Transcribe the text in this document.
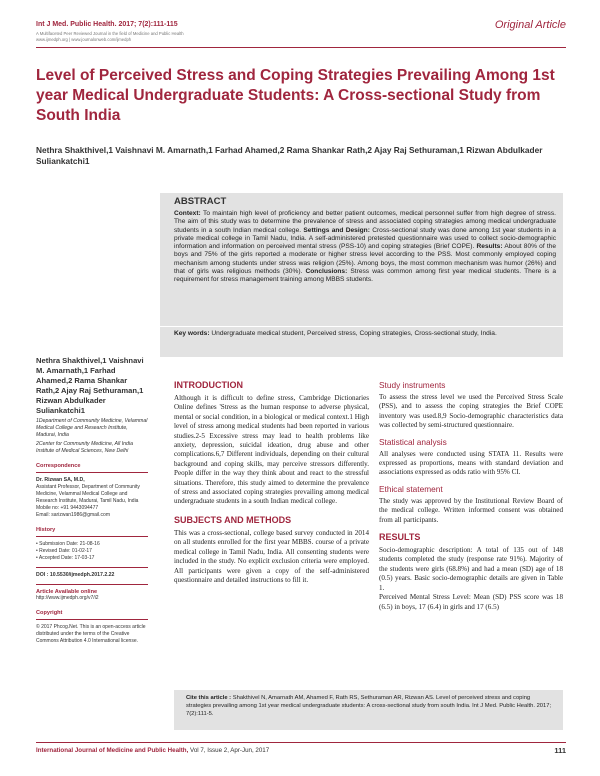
Int J Med. Public Health. 2017; 7(2):111-115
A Multifaceted Peer Reviewed Journal in the field of Medicine and Public Health
www.ijmedph.org | www.journalonweb.com/ijmedph
Original Article
Level of Perceived Stress and Coping Strategies Prevailing Among 1st year Medical Undergraduate Students: A Cross-sectional Study from South India
Nethra Shakthivel,1 Vaishnavi M. Amarnath,1 Farhad Ahamed,2 Rama Shankar Rath,2 Ajay Raj Sethuraman,1 Rizwan Abdulkader Suliankatchi1
ABSTRACT
Context: To maintain high level of proficiency and better patient outcomes, medical personnel suffer from high degree of stress. The aim of this study was to determine the prevalence of stress and associated coping strategies among medical undergraduate students in a south Indian medical college. Settings and Design: Cross-sectional study was done among 1st year students in a private medical college in Tamil Nadu, India. A self-administered pretested questionnaire was used to collect socio-demographic information and information on perceived mental stress (PSS-10) and coping strategies (Brief COPE). Results: About 80% of the boys and 75% of the girls reported a moderate or higher stress level according to the PSS. Most commonly employed coping mechanism among students under stress was religion (25%). Among boys, the most common mechanism was humor (26%) and that of girls was religious methods (30%). Conclusions: Stress was common among first year medical students. There is a requirement for stress management training among MBBS students.
Key words: Undergraduate medical student, Perceived stress, Coping strategies, Cross-sectional study, India.
Nethra Shakthivel,1 Vaishnavi M. Amarnath,1 Farhad Ahamed,2 Rama Shankar Rath,2 Ajay Raj Sethuraman,1 Rizwan Abdulkader Suliankatchi1
1Department of Community Medicine, Velammal Medical College and Research Institute, Madurai, India
2Center for Community Medicine, All India Institute of Medical Sciences, New Delhi
Correspondence
Dr. Rizwan SA, M.D,
Assistant Professor, Department of Community Medicine, Velammal Medical College and Research Institute, Madurai, Tamil Nadu, India
Mobile no: +91 9443094477
Email: sarizwan1986@gmail.com
History
• Submission Date: 21-08-16
• Revised Date: 01-02-17
• Accepted Date: 17-03-17
DOI : 10.5530/ijmedph.2017.2.22
Article Available online
http://www.ijmedph.org/v7/i2
Copyright
© 2017 Phcog.Net. This is an open-access article distributed under the terms of the Creative Commons Attribution 4.0 International license.
INTRODUCTION

Although it is difficult to define stress, Cambridge Dictionaries Online defines 'Stress as the human response to adverse physical, mental or social condition, in a biological or medical context.1 High level of stress among medical students had been reported in various studies.2-5 Excessive stress may lead to health problems like anxiety, depression, suicidal ideation, drug abuse and other complications.6,7 Different individuals, depending on their cultural background and coping skills, may perceive stressors differently. People differ in the way they think about and react to the stressful situations. Therefore, this study aimed to determine the prevalence of stress and associated coping strategies prevailing among medical undergraduate students in a south Indian medical college.

SUBJECTS AND METHODS

This was a cross-sectional, college based survey conducted in 2014 on all students enrolled for the first year MBBS. course of a private medical college in Tamil Nadu, India. All consenting students were included in the study. No explicit exclusion criteria were employed. All participants were given a copy of the self-administered questionnaire and detailed instructions to fill it.

Study instruments

To assess the stress level we used the Perceived Stress Scale (PSS), and to assess the coping strategies the Brief COPE inventory was used.8,9 Socio-demographic characteristics data was collected by semi-structured questionnaire.

Statistical analysis

All analyses were conducted using STATA 11. Results were expressed as proportions, means with standard deviation and associations expressed as odds ratio with 95% CI.

Ethical statement

The study was approved by the Institutional Review Board of the medical college. Written informed consent was obtained from all participants.

RESULTS

Socio-demographic description: A total of 135 out of 148 students completed the study (response rate 91%). Majority of the students were girls (68.8%) and had a mean (SD) age of 18 (0.5) years. Basic socio-demographic details are given in Table 1.

Perceived Mental Stress Level: Mean (SD) PSS score was 18 (6.5) in boys, 17 (6.4) in girls and 17 (6.5)

Cite this article : Shakthivel N, Amarnath AM, Ahamed F, Rath RS, Sethuraman AR, Rizwan AS. Level of perceived stress and coping strategies prevailing among 1st year medical undergraduate students: A cross-sectional study from south India. Int J Med. Public Health. 2017; 7(2):111-5.
International Journal of Medicine and Public Health, Vol 7, Issue 2, Apr-Jun, 2017	111
